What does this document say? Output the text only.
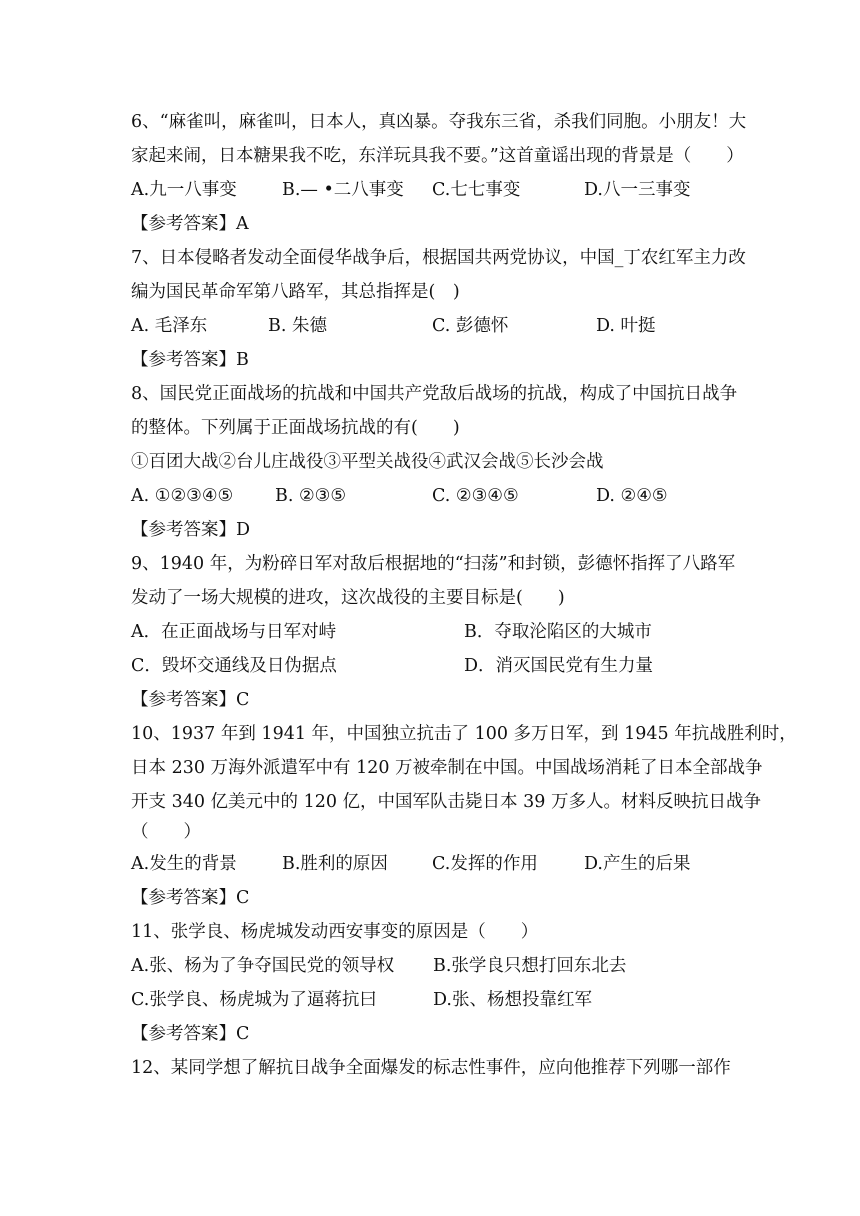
6、“麻雀叫，麻雀叫，日本人，真凶暴。夺我东三省，杀我们同胞。小朋友！大
家起来闹，日本糖果我不吃，东洋玩具我不要。”这首童谣出现的背景是（　　）
A.九一八事变	B.— •二八事变 C.七七事变	D.八一三事变
【参考答案】A
7、日本侵略者发动全面侵华战争后，根据国共两党协议，中国_丁农红军主力改
编为国民革命军第八路军，其总指挥是(　)
A. 毛泽东	B. 朱德	C. 彭德怀	D. 叶挺
【参考答案】B
8、国民党正面战场的抗战和中国共产党敌后战场的抗战，构成了中国抗日战争
的整体。下列属于正面战场抗战的有(　　)
①百团大战②台儿庄战役③平型关战役④武汉会战⑤长沙会战
A. ①②③④⑤ B. ②③⑤	C. ②③④⑤	D. ②④⑤
【参考答案】D
9、1940 年，为粉碎日军对敌后根据地的“扫荡”和封锁，彭德怀指挥了八路军
发动了一场大规模的进攻，这次战役的主要目标是(　　)
A．在正面战场与日军对峙	B．夺取沦陷区的大城市
C．毁坏交通线及日伪据点	D．消灭国民党有生力量
【参考答案】C
10、1937 年到 1941 年，中国独立抗击了 100 多万日军，到 1945 年抗战胜利时，
日本 230 万海外派遣军中有 120 万被牵制在中国。中国战场消耗了日本全部战争
开支 340 亿美元中的 120 亿，中国军队击毙日本 39 万多人。材料反映抗日战争
（　　）
A.发生的背景	B.胜利的原因	C.发挥的作用	D.产生的后果
【参考答案】C
11、张学良、杨虎城发动西安事变的原因是（　　）
A.张、杨为了争夺国民党的领导权 B.张学良只想打回东北去
C.张学良、杨虎城为了逼蒋抗曰	D.张、杨想投靠红军
【参考答案】C
12、某同学想了解抗日战争全面爆发的标志性事件，应向他推荐下列哪一部作
